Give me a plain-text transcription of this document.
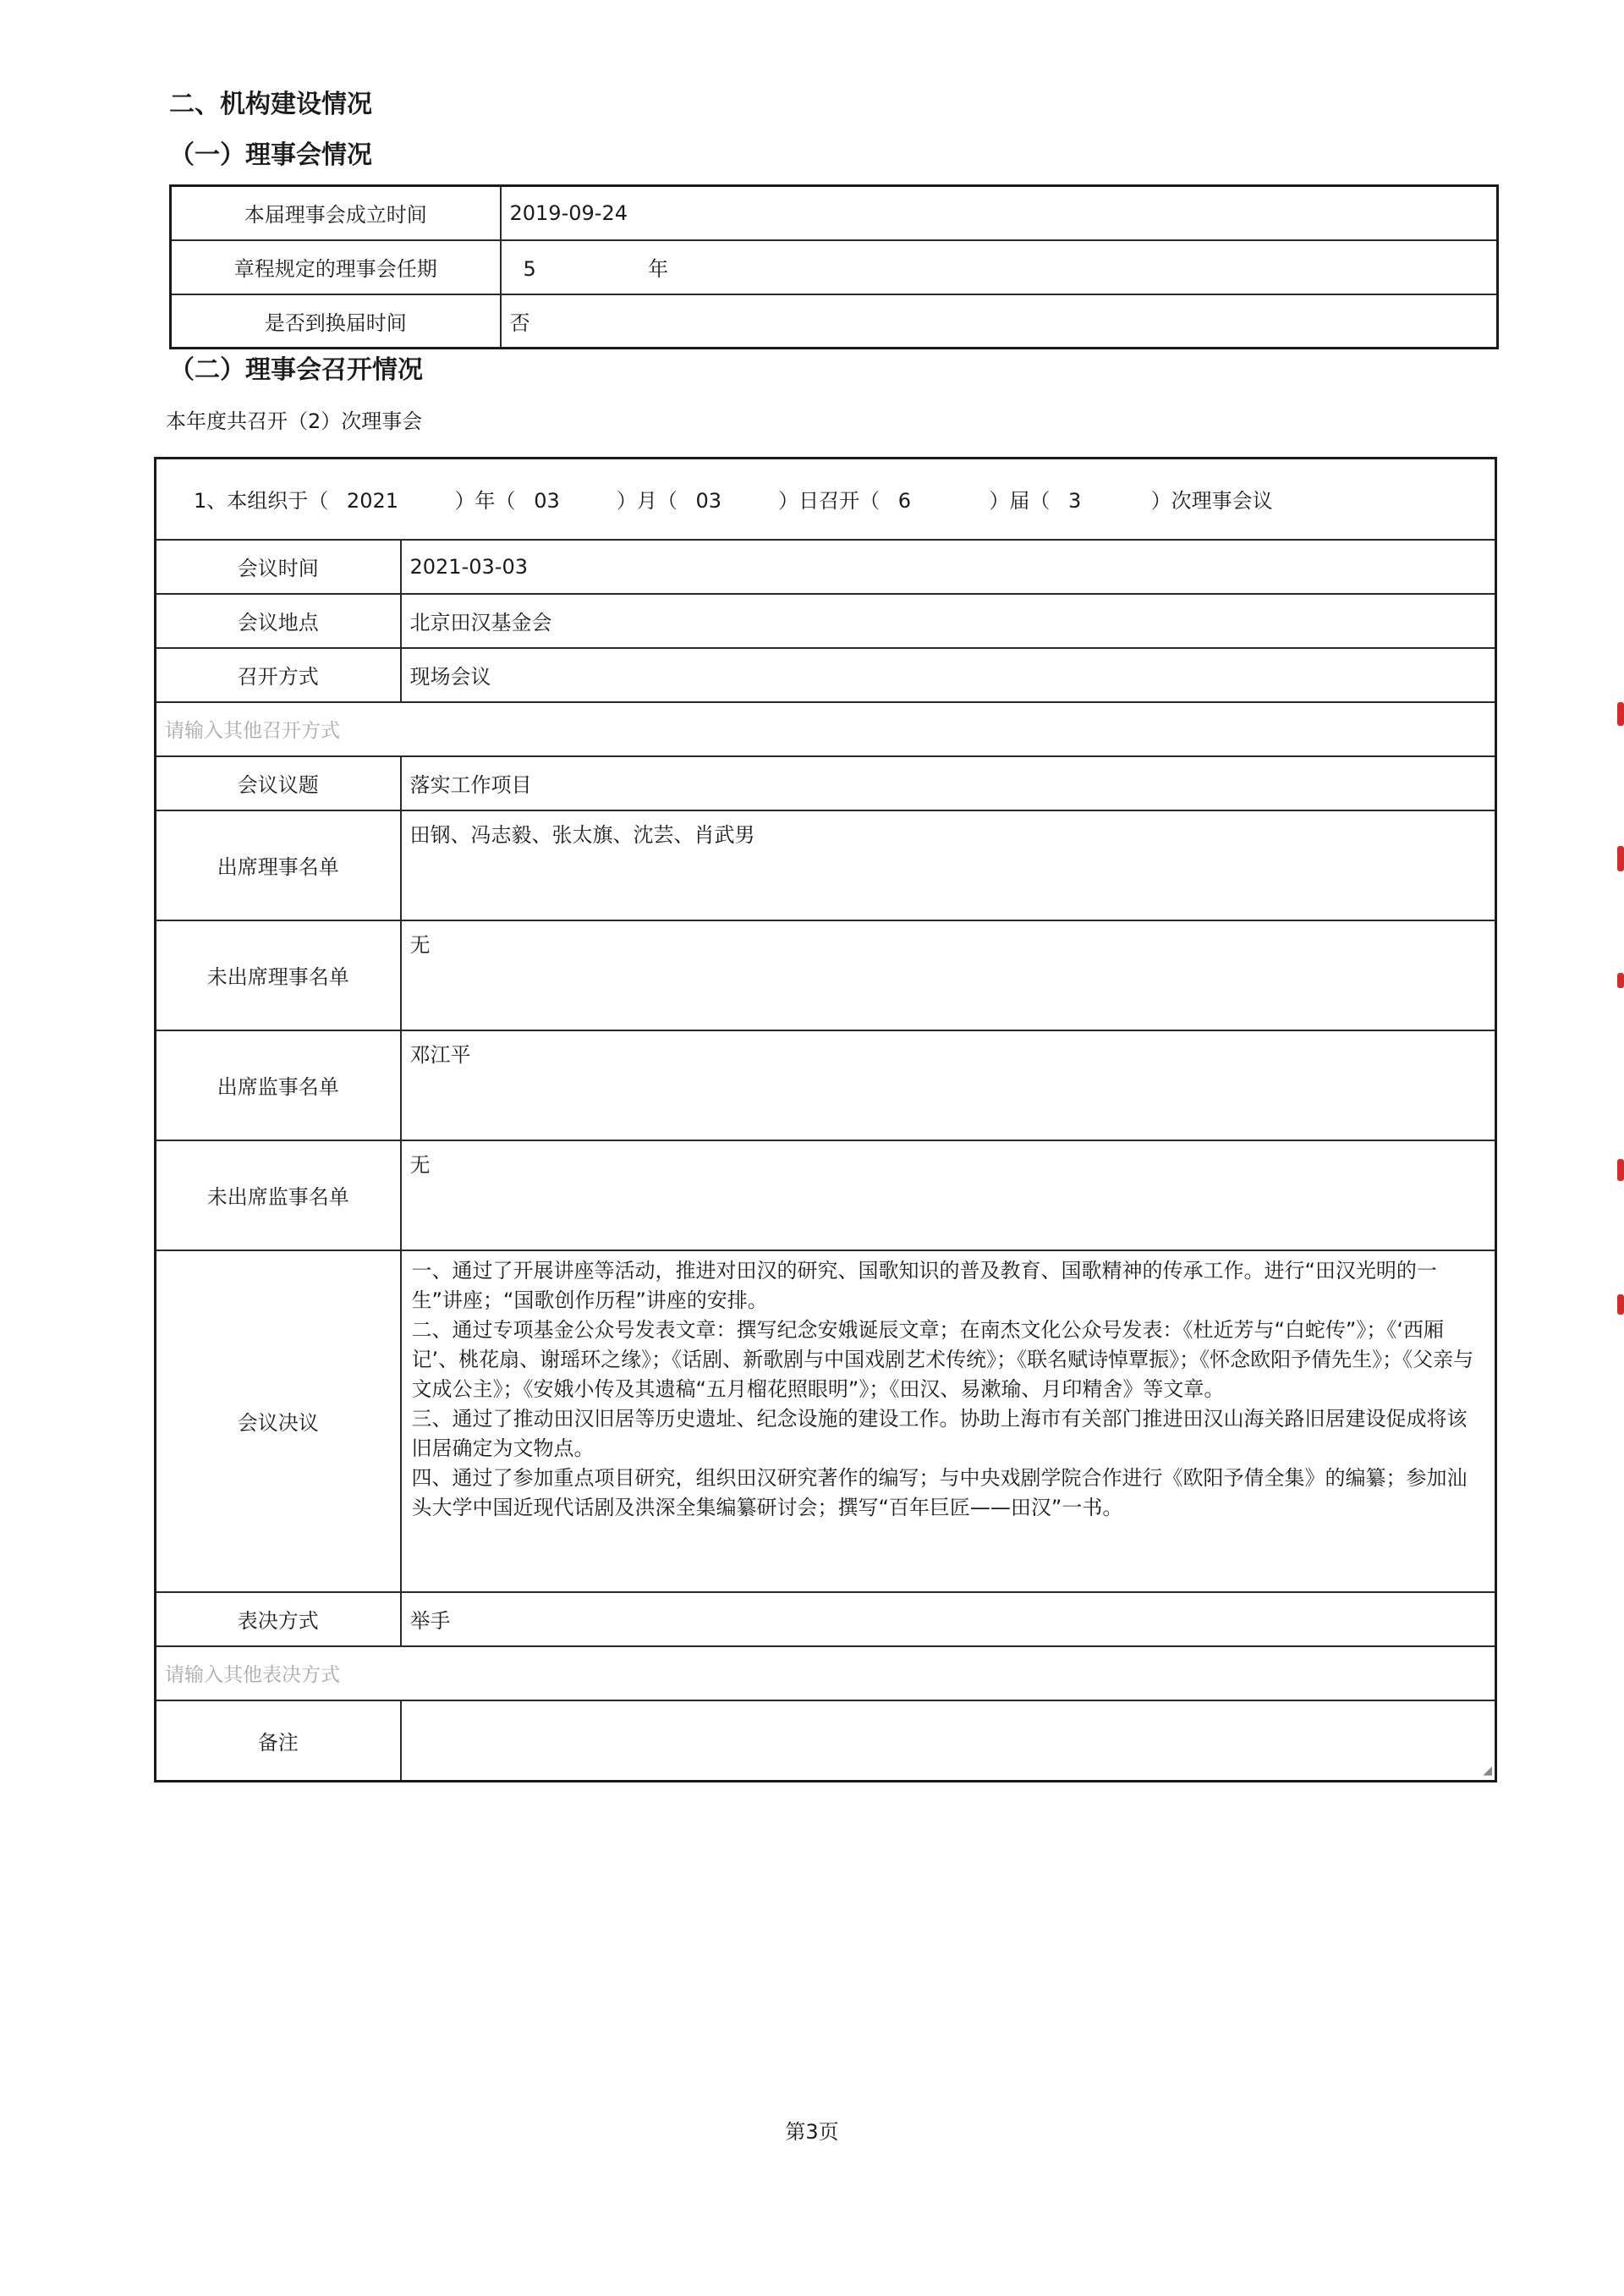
二、机构建设情况
（一）理事会情况
本届理事会成立时间	2019-09-24
章程规定的理事会任期	5 年
是否到换届时间	否
（二）理事会召开情况
本年度共召开（2）次理事会
1、本组织于（ 2021 ）年（ 03 ）月（ 03 ）日召开（ 6 ）届（ 3 ）次理事会议	
会议时间	2021-03-03
会议地点	北京田汉基金会
召开方式	现场会议
请输入其他召开方式	
会议议题	落实工作项目
出席理事名单	田钢、冯志毅、张太旗、沈芸、肖武男
未出席理事名单	无
出席监事名单	邓江平
未出席监事名单	无
会议决议	一、通过了开展讲座等活动，推进对田汉的研究、国歌知识的普及教育、国歌精神的传承工作。进行“田汉光明的一生”讲座；“国歌创作历程”讲座的安排。

二、通过专项基金公众号发表文章：撰写纪念安娥诞辰文章；在南杰文化公众号发表：《杜近芳与“白蛇传”》；《‘西厢记’、桃花扇、谢瑶环之缘》；《话剧、新歌剧与中国戏剧艺术传统》；《联名赋诗悼覃振》；《怀念欧阳予倩先生》；《父亲与文成公主》；《安娥小传及其遗稿“五月榴花照眼明”》；《田汉、易漱瑜、月印精舍》等文章。

三、通过了推动田汉旧居等历史遗址、纪念设施的建设工作。协助上海市有关部门推进田汉山海关路旧居建设促成将该旧居确定为文物点。

四、通过了参加重点项目研究，组织田汉研究著作的编写；与中央戏剧学院合作进行《欧阳予倩全集》的编纂；参加汕头大学中国近现代话剧及洪深全集编纂研讨会；撰写“百年巨匠——田汉”一书。

表决方式	举手
请输入其他表决方式	
备注	◢
第3页
